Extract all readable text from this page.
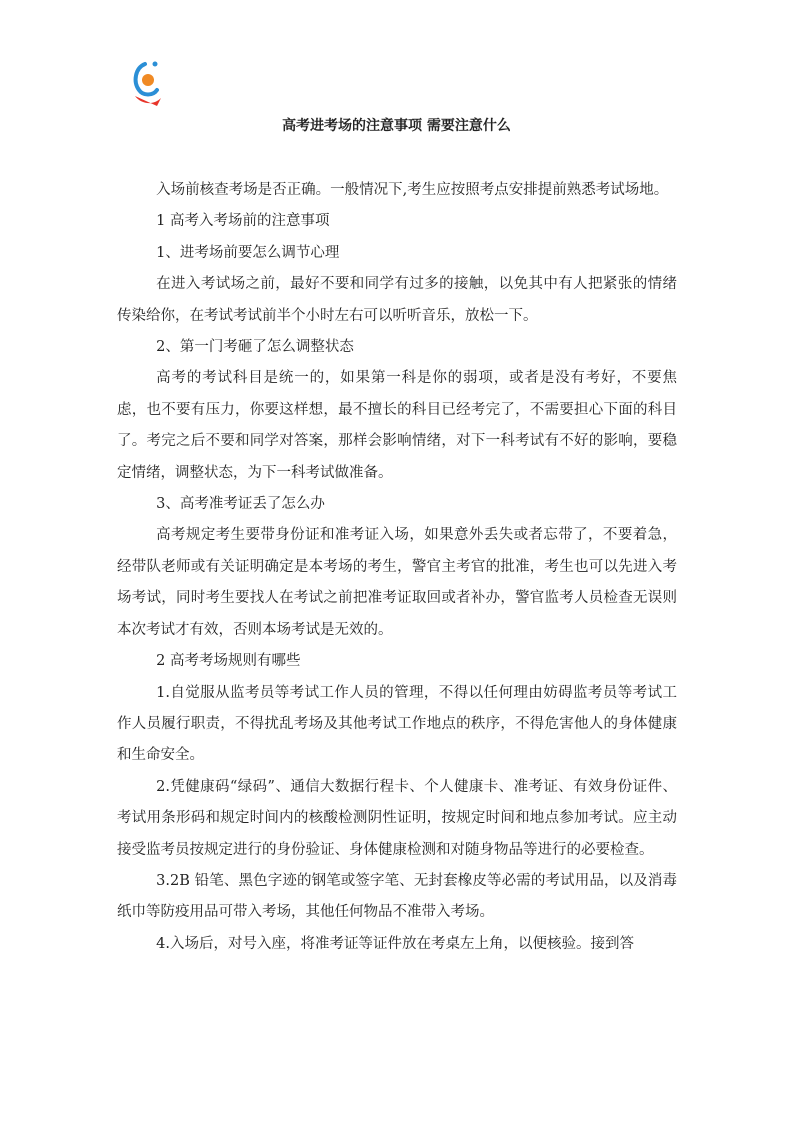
高考进考场的注意事项 需要注意什么

入场前核查考场是否正确。一般情况下,考生应按照考点安排提前熟悉考试场地。

1 高考入考场前的注意事项

1、进考场前要怎么调节心理

在进入考试场之前，最好不要和同学有过多的接触，以免其中有人把紧张的情绪传染给你，在考试考试前半个小时左右可以听听音乐，放松一下。

2、第一门考砸了怎么调整状态

高考的考试科目是统一的，如果第一科是你的弱项，或者是没有考好，不要焦虑，也不要有压力，你要这样想，最不擅长的科目已经考完了，不需要担心下面的科目了。考完之后不要和同学对答案，那样会影响情绪，对下一科考试有不好的影响，要稳定情绪，调整状态，为下一科考试做准备。

3、高考准考证丢了怎么办

高考规定考生要带身份证和准考证入场，如果意外丢失或者忘带了，不要着急，经带队老师或有关证明确定是本考场的考生，警官主考官的批准，考生也可以先进入考场考试，同时考生要找人在考试之前把准考证取回或者补办，警官监考人员检查无误则本次考试才有效，否则本场考试是无效的。

2 高考考场规则有哪些

1.自觉服从监考员等考试工作人员的管理，不得以任何理由妨碍监考员等考试工作人员履行职责，不得扰乱考场及其他考试工作地点的秩序，不得危害他人的身体健康和生命安全。

2.凭健康码“绿码”、通信大数据行程卡、个人健康卡、准考证、有效身份证件、考试用条形码和规定时间内的核酸检测阴性证明，按规定时间和地点参加考试。应主动接受监考员按规定进行的身份验证、身体健康检测和对随身物品等进行的必要检查。

3.2B 铅笔、黑色字迹的钢笔或签字笔、无封套橡皮等必需的考试用品，以及消毒纸巾等防疫用品可带入考场，其他任何物品不准带入考场。

4.入场后，对号入座，将准考证等证件放在考桌左上角，以便核验。接到答
